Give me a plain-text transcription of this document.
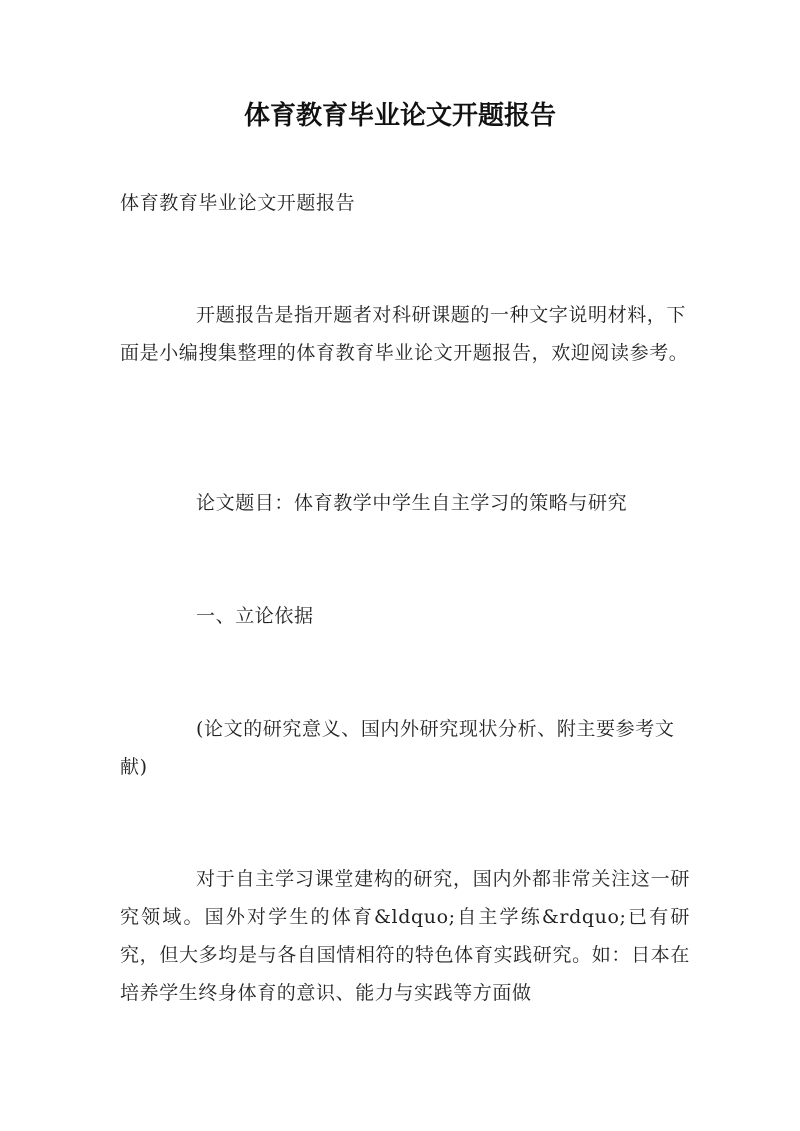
体育教育毕业论文开题报告

体育教育毕业论文开题报告

开题报告是指开题者对科研课题的一种文字说明材料，下面是小编搜集整理的体育教育毕业论文开题报告，欢迎阅读参考。

论文题目：体育教学中学生自主学习的策略与研究

一、立论依据

(论文的研究意义、国内外研究现状分析、附主要参考文献)

对于自主学习课堂建构的研究，国内外都非常关注这一研究领域。国外对学生的体育&ldquo;自主学练&rdquo;已有研究，但大多均是与各自国情相符的特色体育实践研究。如：日本在培养学生终身体育的意识、能力与实践等方面做
